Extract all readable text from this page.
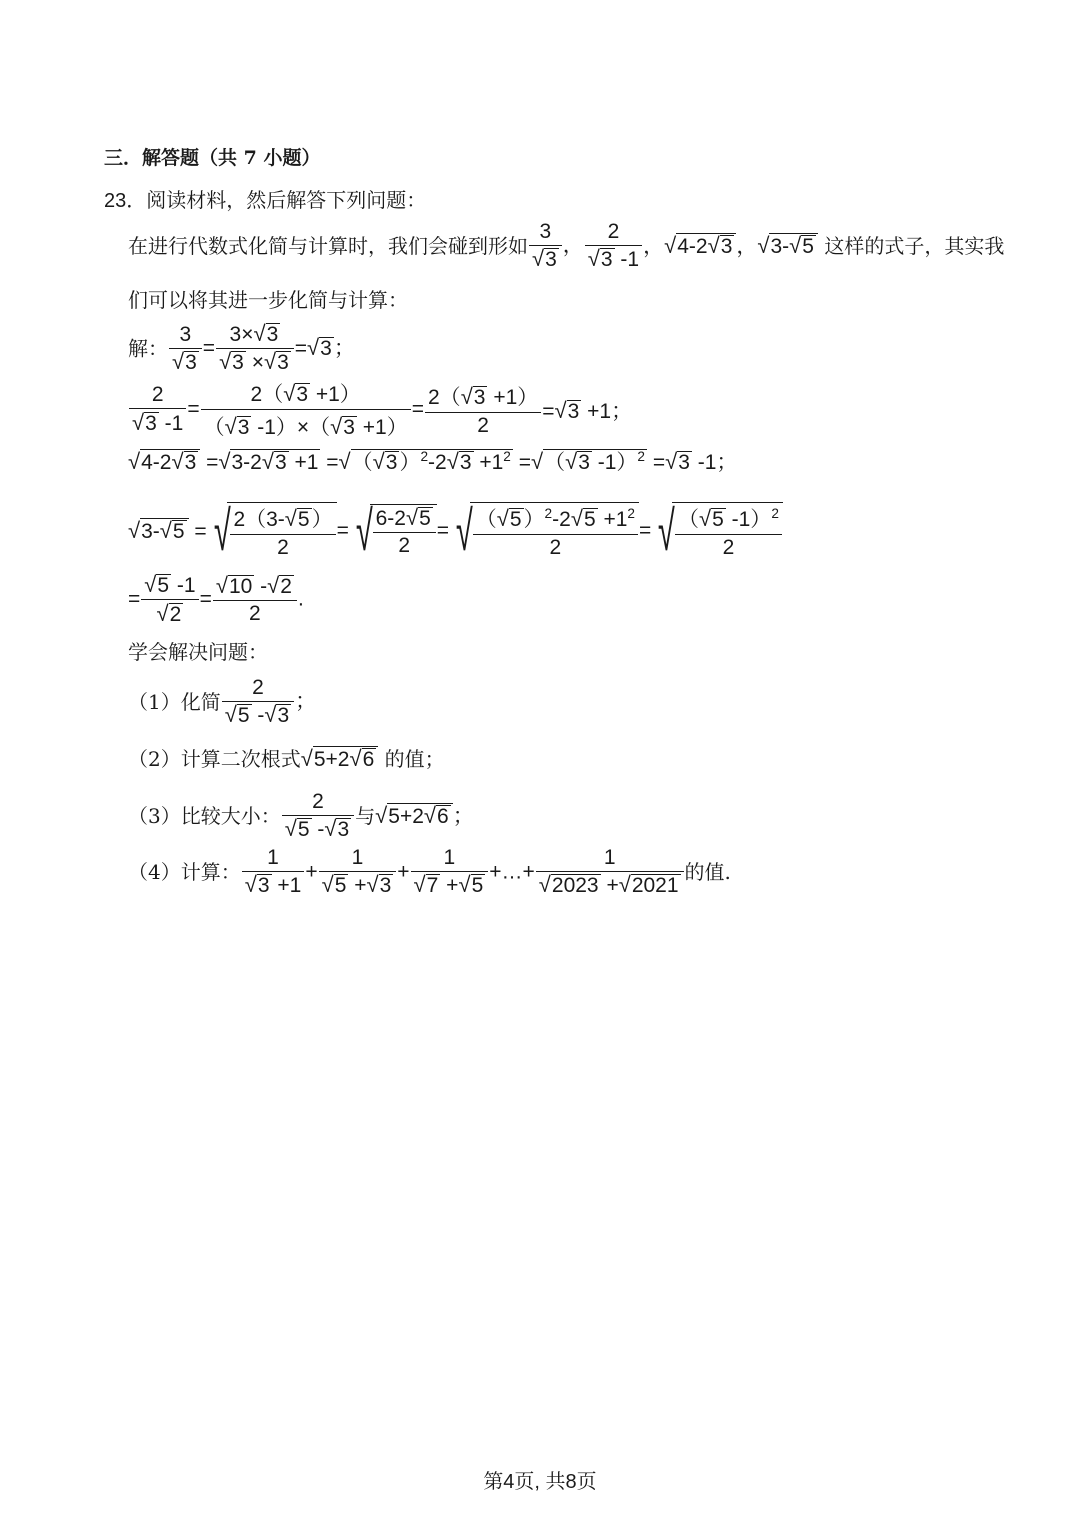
三．解答题（共 7 小题）
23．阅读材料，然后解答下列问题：
在进行代数式化简与计算时，我们会碰到形如 $\frac{3}{√3}$ ， $\frac{2}{√3 -1}$ ，√4-2√3 ，√3-√5 这样的式子，其实我
们可以将其进一步化简与计算：
解： $\frac{3}{√3} = \frac{3\times√3}{√3 \times√3} =√3$；
$\frac{2}{√3 -1} = \frac{2(√3 +1)}{(√3 -1)\times(√3 +1)} = \frac{2(√3 +1)}{2} =√3 +1$；
$√4-2√3 =√3-2√3 +1 =√(√3)^2-2√3 +1^2 =√(√3$ -1）$^2$ =√3 -1；
√3-√5 = √ $\frac{2(3-√5)}{2}$ = √ $\frac{6-2√5}{2}$ = √ $\frac{(√5)^2-2√5 +1^2}{2}$ = √ $\frac{(√5 -1)^2}{2}$
= $\frac{√5 -1}{√2} = \frac{√10 -√2}{2}$ .
学会解决问题：
（1）化简 $\frac{2}{√5 -√3}$ ；
（2）计算二次根式√5+2√6 的值；
（3）比较大小： $\frac{2}{√5 -√3}$ 与√5+2√6 ；
（4）计算： $\frac{1}{√3 +1} + \frac{1}{√5 +√3} + \frac{1}{√7 +√5}$ +…+ $\frac{1}{√2023 +√2021}$ 的值.
第4页, 共8页
